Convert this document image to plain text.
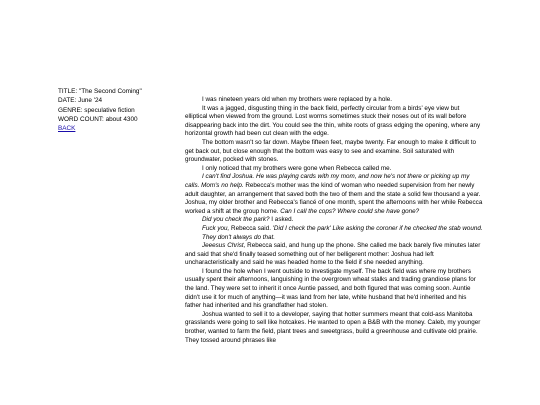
TITLE: "The Second Coming"
DATE: June '24
GENRE: speculative fiction
WORD COUNT: about 4300
BACK

I was nineteen years old when my brothers were replaced by a hole.

It was a jagged, disgusting thing in the back field, perfectly circular from a birds' eye view but elliptical when viewed from the ground. Lost worms sometimes stuck their noses out of its wall before disappearing back into the dirt. You could see the thin, white roots of grass edging the opening, where any horizontal growth had been cut clean with the edge.

The bottom wasn't so far down. Maybe fifteen feet, maybe twenty. Far enough to make it difficult to get back out, but close enough that the bottom was easy to see and examine. Soil saturated with groundwater, pocked with stones.

I only noticed that my brothers were gone when Rebecca called me.

I can't find Joshua. He was playing cards with my mom, and now he's not there or picking up my calls. Mom's no help. Rebecca's mother was the kind of woman who needed supervision from her newly adult daughter, an arrangement that saved both the two of them and the state a solid few thousand a year. Joshua, my older brother and Rebecca's fiancé of one month, spent the afternoons with her while Rebecca worked a shift at the group home. Can I call the cops? Where could she have gone?

Did you check the park? I asked.

Fuck you, Rebecca said. 'Did I check the park' Like asking the coroner if he checked the stab wound.

They don't always do that.

Jeeesus Christ, Rebecca said, and hung up the phone. She called me back barely five minutes later and said that she'd finally teased something out of her belligerent mother: Joshua had left uncharacteristically and said he was headed home to the field if she needed anything.

I found the hole when I went outside to investigate myself. The back field was where my brothers usually spent their afternoons, languishing in the overgrown wheat stalks and trading grandiose plans for the land. They were set to inherit it once Auntie passed, and both figured that was coming soon. Auntie didn't use it for much of anything—it was land from her late, white husband that he'd inherited and his father had inherited and his grandfather had stolen.

Joshua wanted to sell it to a developer, saying that hotter summers meant that cold-ass Manitoba grasslands were going to sell like hotcakes. He wanted to open a B&B with the money. Caleb, my younger brother, wanted to farm the field, plant trees and sweetgrass, build a greenhouse and cultivate old prairie. They tossed around phrases like
